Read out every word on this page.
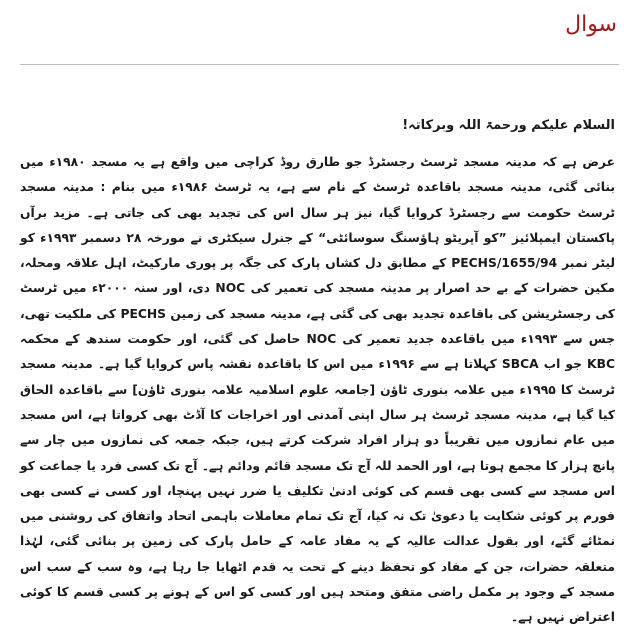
سوال

السلام علیکم ورحمۃ اللہ وبرکاتہ!

عرض ہے کہ مدینہ مسجد ٹرسٹ رجسٹرڈ جو طارق روڈ کراچی میں واقع ہے یہ مسجد ۱۹۸۰ء میں بنائی گئی، مدینہ مسجد باقاعدہ ٹرسٹ کے نام سے ہے، یہ ٹرسٹ ۱۹۸۶ء میں بنام : مدینہ مسجد ٹرسٹ حکومت سے رجسٹرڈ کروایا گیا، نیز ہر سال اس کی تجدید بھی کی جاتی ہے۔ مزید برآں پاکستان ایمپلائیز ”کو آپریٹو ہاؤسنگ سوسائٹی“ کے جنرل سیکٹری نے مورخہ ۲۸ دسمبر ۱۹۹۳ء کو لیٹر نمبر PECHS/1655/94 کے مطابق دل کشاں پارک کی جگہ پر پوری مارکیٹ، اہل علاقہ ومحلہ، مکین حضرات کے بے حد اصرار پر مدینہ مسجد کی تعمیر کی NOC دی، اور سنہ ۲۰۰۰ء میں ٹرسٹ کی رجسٹریشن کی باقاعدہ تجدید بھی کی گئی ہے، مدینہ مسجد کی زمین PECHS کی ملکیت تھی، جس سے ۱۹۹۳ء میں باقاعدہ جدید تعمیر کی NOC حاصل کی گئی، اور حکومت سندھ کے محکمہ KBC جو اب SBCA کہلاتا ہے سے ۱۹۹۶ء میں اس کا باقاعدہ نقشہ پاس کروایا گیا ہے۔ مدینہ مسجد ٹرسٹ کا ۱۹۹۵ء میں علامہ بنوری ٹاؤن [جامعہ علوم اسلامیہ علامہ بنوری ٹاؤن] سے باقاعدہ الحاق کیا گیا ہے، مدینہ مسجد ٹرسٹ ہر سال اپنی آمدنی اور اخراجات کا آڈٹ بھی کرواتا ہے، اس مسجد میں عام نمازوں میں تقریباً دو ہزار افراد شرکت کرتے ہیں، جبکہ جمعہ کی نمازوں میں چار سے پانچ ہزار کا مجمع ہوتا ہے، اور الحمد للہ آج تک مسجد قائم ودائم ہے۔ آج تک کسی فرد یا جماعت کو اس مسجد سے کسی بھی قسم کی کوئی ادنیٰ تکلیف یا ضرر نہیں پہنچا، اور کسی نے کسی بھی فورم پر کوئی شکایت یا دعویٰ تک نہ کیا، آج تک تمام معاملات باہمی اتحاد واتفاق کی روشنی میں نمٹائے گئے، اور بقول عدالت عالیہ کے یہ مفاد عامہ کے حامل پارک کی زمین پر بنائی گئی، لہٰذا متعلقہ حضرات، جن کے مفاد کو تحفظ دینے کے تحت یہ قدم اٹھایا جا رہا ہے، وہ سب کے سب اس مسجد کے وجود پر مکمل راضی متفق ومتحد ہیں اور کسی کو اس کے ہونے پر کسی قسم کا کوئی اعتراض نہیں ہے۔
